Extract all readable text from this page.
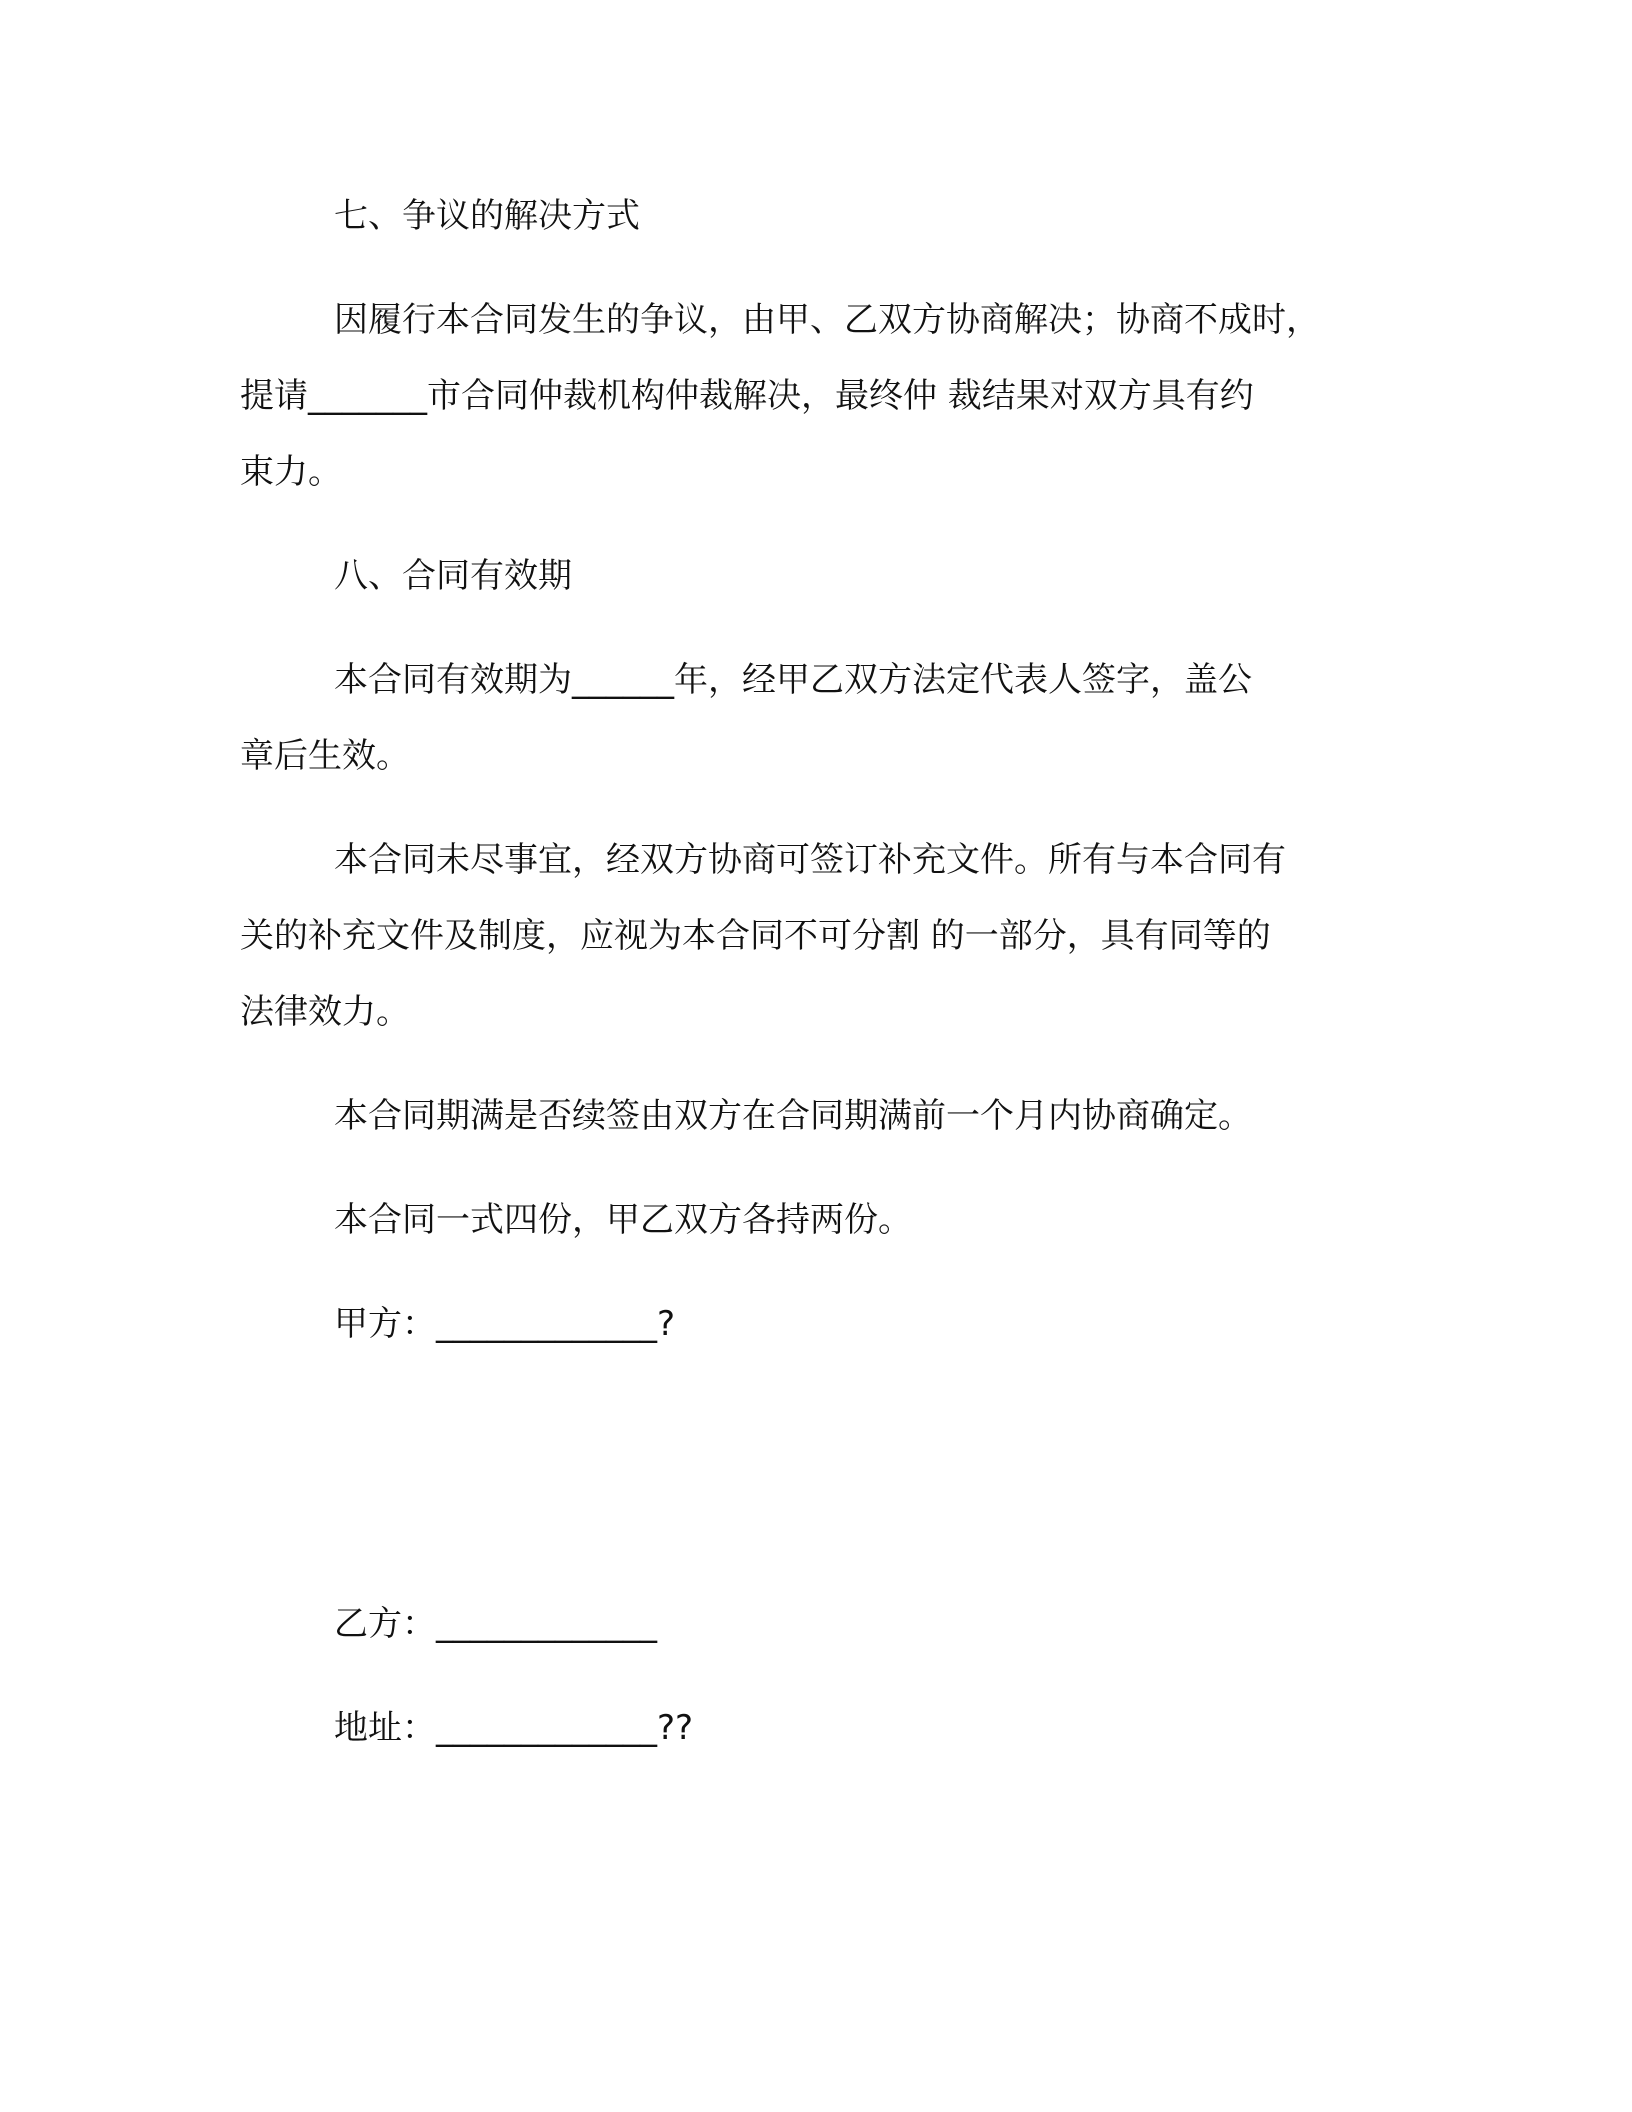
七、争议的解决方式
因履行本合同发生的争议，由甲、乙双方协商解决；协商不成时，
提请_______市合同仲裁机构仲裁解决，最终仲 裁结果对双方具有约
束力。
八、合同有效期
本合同有效期为______年，经甲乙双方法定代表人签字，盖公
章后生效。
本合同未尽事宜，经双方协商可签订补充文件。所有与本合同有
关的补充文件及制度，应视为本合同不可分割 的一部分，具有同等的
法律效力。
本合同期满是否续签由双方在合同期满前一个月内协商确定。
本合同一式四份，甲乙双方各持两份。
甲方：_____________?
乙方：_____________
地址：_____________??
